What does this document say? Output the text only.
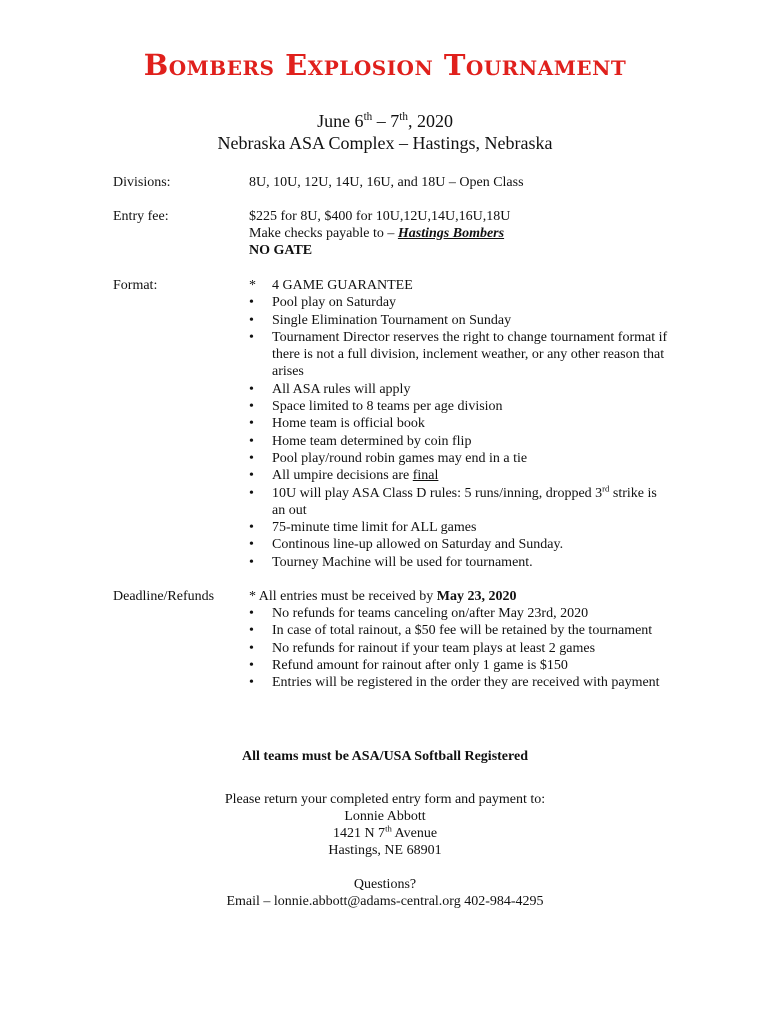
Bombers Explosion Tournament
June 6th – 7th, 2020
Nebraska ASA Complex – Hastings, Nebraska
Divisions:	8U, 10U, 12U, 14U, 16U, and 18U – Open Class
Entry fee:	$225 for 8U, $400 for 10U,12U,14U,16U,18U
Make checks payable to – Hastings Bombers
NO GATE
Format:	* 4 GAME GUARANTEE
• Pool play on Saturday
• Single Elimination Tournament on Sunday
• Tournament Director reserves the right to change tournament format if there is not a full division, inclement weather, or any other reason that arises
• All ASA rules will apply
• Space limited to 8 teams per age division
• Home team is official book
• Home team determined by coin flip
• Pool play/round robin games may end in a tie
• All umpire decisions are final
• 10U will play ASA Class D rules: 5 runs/inning, dropped 3rd strike is an out
• 75-minute time limit for ALL games
• Continous line-up allowed on Saturday and Sunday.
• Tourney Machine will be used for tournament.
Deadline/Refunds * All entries must be received by May 23, 2020
• No refunds for teams canceling on/after May 23rd, 2020
• In case of total rainout, a $50 fee will be retained by the tournament
• No refunds for rainout if your team plays at least 2 games
• Refund amount for rainout after only 1 game is $150
• Entries will be registered in the order they are received with payment
All teams must be ASA/USA Softball Registered
Please return your completed entry form and payment to:
Lonnie Abbott
1421 N 7th Avenue
Hastings, NE 68901
Questions?
Email – lonnie.abbott@adams-central.org 402-984-4295
